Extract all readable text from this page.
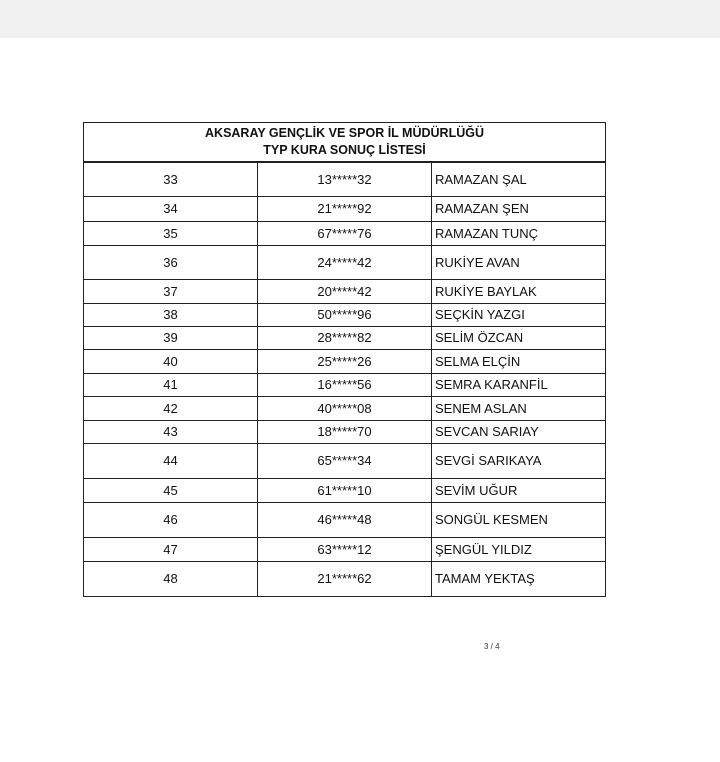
AKSARAY GENÇLİK VE SPOR İL MÜDÜRLÜĞÜ
TYP KURA SONUÇ LİSTESİ		

33	13*****32	RAMAZAN ŞAL
34	21*****92	RAMAZAN ŞEN
35	67*****76	RAMAZAN TUNÇ
36	24*****42	RUKİYE AVAN
37	20*****42	RUKİYE BAYLAK
38	50*****96	SEÇKİN YAZGI
39	28*****82	SELİM ÖZCAN
40	25*****26	SELMA ELÇİN
41	16*****56	SEMRA KARANFİL
42	40*****08	SENEM ASLAN
43	18*****70	SEVCAN SARIAY
44	65*****34	SEVGİ SARIKAYA
45	61*****10	SEVİM UĞUR
46	46*****48	SONGÜL KESMEN
47	63*****12	ŞENGÜL YILDIZ
48	21*****62	TAMAM YEKTAŞ
3 / 4
